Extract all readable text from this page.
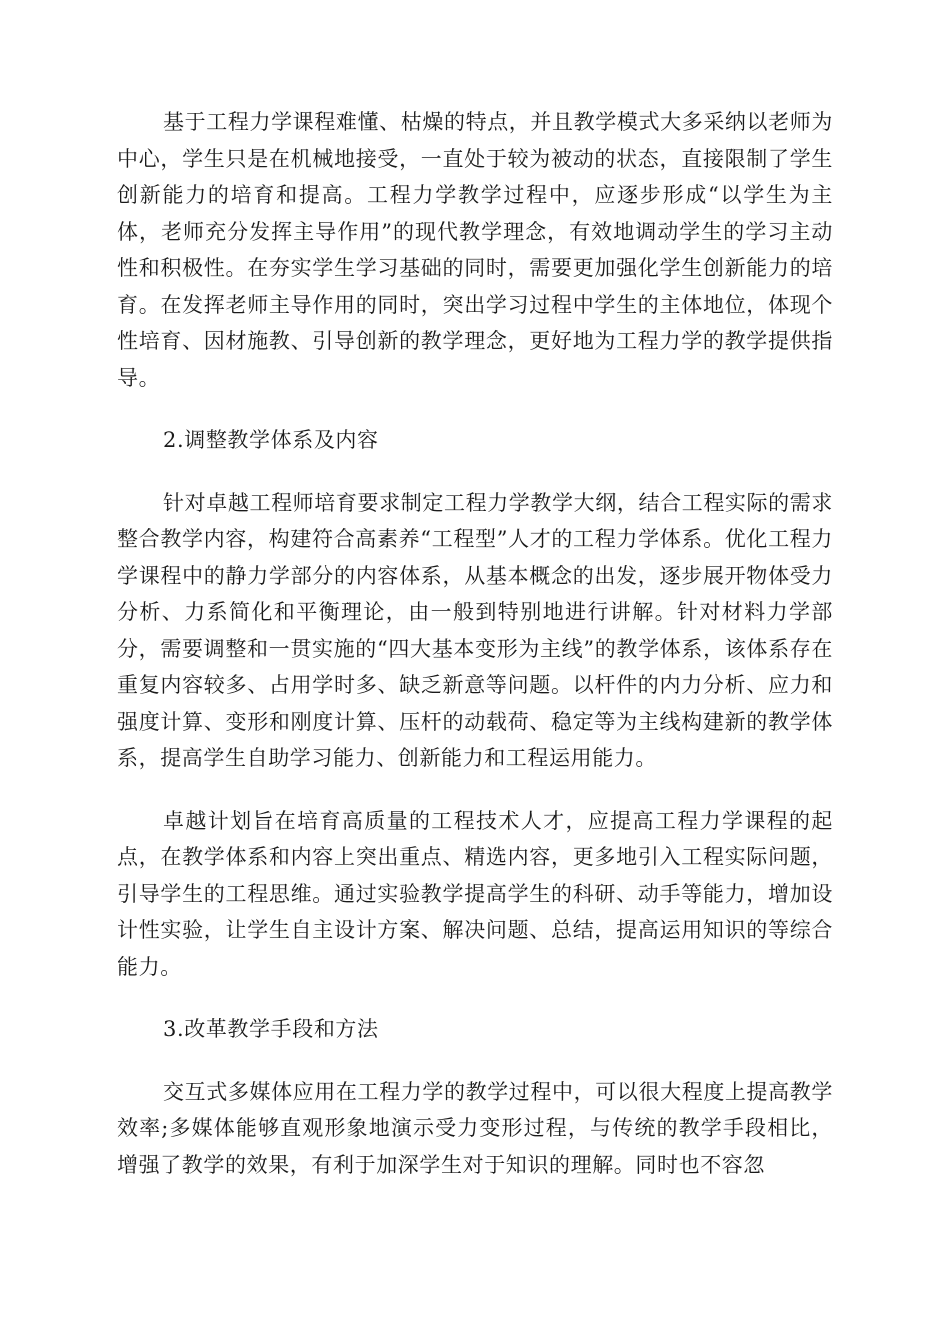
基于工程力学课程难懂、枯燥的特点，并且教学模式大多采纳以老师为中心，学生只是在机械地接受，一直处于较为被动的状态，直接限制了学生创新能力的培育和提高。工程力学教学过程中，应逐步形成“以学生为主体，老师充分发挥主导作用”的现代教学理念，有效地调动学生的学习主动性和积极性。在夯实学生学习基础的同时，需要更加强化学生创新能力的培育。在发挥老师主导作用的同时，突出学习过程中学生的主体地位，体现个性培育、因材施教、引导创新的教学理念，更好地为工程力学的教学提供指导。

2.调整教学体系及内容

针对卓越工程师培育要求制定工程力学教学大纲，结合工程实际的需求整合教学内容，构建符合高素养“工程型”人才的工程力学体系。优化工程力学课程中的静力学部分的内容体系，从基本概念的出发，逐步展开物体受力分析、力系简化和平衡理论，由一般到特别地进行讲解。针对材料力学部分，需要调整和一贯实施的“四大基本变形为主线”的教学体系，该体系存在重复内容较多、占用学时多、缺乏新意等问题。以杆件的内力分析、应力和强度计算、变形和刚度计算、压杆的动载荷、稳定等为主线构建新的教学体系，提高学生自助学习能力、创新能力和工程运用能力。

卓越计划旨在培育高质量的工程技术人才，应提高工程力学课程的起点，在教学体系和内容上突出重点、精选内容，更多地引入工程实际问题，引导学生的工程思维。通过实验教学提高学生的科研、动手等能力，增加设计性实验，让学生自主设计方案、解决问题、总结，提高运用知识的等综合能力。

3.改革教学手段和方法

交互式多媒体应用在工程力学的教学过程中，可以很大程度上提高教学效率;多媒体能够直观形象地演示受力变形过程，与传统的教学手段相比，增强了教学的效果，有利于加深学生对于知识的理解。同时也不容忽
